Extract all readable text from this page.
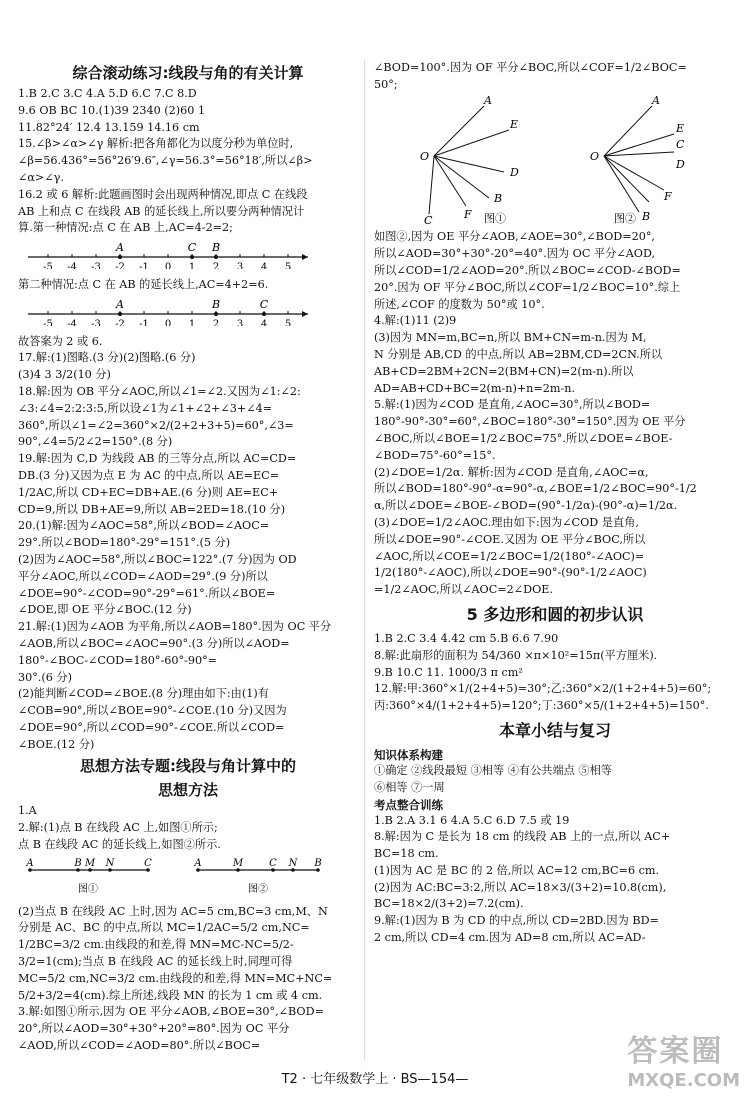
综合滚动练习:线段与角的有关计算
1.B 2.C 3.C 4.A 5.D 6.C 7.C 8.D
9.6 OB BC 10.(1)39 2340 (2)60 1
11.82°24′ 12.4 13.159 14.16 cm
15.∠β>∠α>∠γ 解析:把各角都化为以度分秒为单位时,
∠β=56.436°=56°26′9.6″,∠γ=56.3°=56°18′,所以∠β>
∠α>∠γ.
16.2 或 6 解析:此题画图时会出现两种情况,即点 C 在线段
AB 上和点 C 在线段 AB 的延长线上,所以要分两种情况计
算.第一种情况:点 C 在 AB 上,AC=4-2=2;
-5 -4 -3 -2 -1 0 1 2 3 4 5
A	C B
第二种情况:点 C 在 AB 的延长线上,AC=4+2=6.
-5 -4 -3 -2 -1 0 1 2 3 4 5
A	B	C
故答案为 2 或 6.
17.解:(1)图略.(3 分)(2)图略.(6 分)
(3)4 3 3/2(10 分)
18.解:因为 OB 平分∠AOC,所以∠1=∠2.又因为∠1:∠2:
∠3:∠4=2:2:3:5,所以设∠1为∠1+∠2+∠3+∠4=
360°,所以∠1=∠2=360°×2/(2+2+3+5)=60°,∠3=
90°,∠4=5/2∠2=150°.(8 分)
19.解:因为 C,D 为线段 AB 的三等分点,所以 AC=CD=
DB.(3 分)又因为点 E 为 AC 的中点,所以 AE=EC=
1/2AC,所以 CD+EC=DB+AE.(6 分)则 AE=EC+
CD=9,所以 DB+AE=9,所以 AB=2ED=18.(10 分)
20.(1)解:因为∠AOC=58°,所以∠BOD=∠AOC=
29°.所以∠BOD=180°-29°=151°.(5 分)
(2)因为∠AOC=58°,所以∠BOC=122°.(7 分)因为 OD
平分∠AOC,所以∠COD=∠AOD=29°.(9 分)所以
∠DOE=90°-∠COD=90°-29°=61°.所以∠BOE=
∠DOE,即 OE 平分∠BOC.(12 分)
21.解:(1)因为∠AOB 为平角,所以∠AOB=180°.因为 OC 平分
∠AOB,所以∠BOC=∠AOC=90°.(3 分)所以∠AOD=
180°-∠BOC-∠COD=180°-60°-90°=
30°.(6 分)
(2)能判断∠COD=∠BOE.(8 分)理由如下:由(1)有
∠COB=90°,所以∠BOE=90°-∠COE.(10 分)又因为
∠DOE=90°,所以∠COD=90°-∠COE.所以∠COD=
∠BOE.(12 分)
思想方法专题:线段与角计算中的
思想方法
1.A
2.解:(1)点 B 在线段 AC 上,如图①所示;
点 B 在线段 AC 的延长线上,如图②所示.
A	B M N	C
图①
A	M	C N B
图②
(2)当点 B 在线段 AC 上时,因为 AC=5 cm,BC=3 cm,M、N
分别是 AC、BC 的中点,所以 MC=1/2AC=5/2 cm,NC=
1/2BC=3/2 cm.由线段的和差,得 MN=MC-NC=5/2-
3/2=1(cm);当点 B 在线段 AC 的延长线上时,同理可得
MC=5/2 cm,NC=3/2 cm.由线段的和差,得 MN=MC+NC=
5/2+3/2=4(cm).综上所述,线段 MN 的长为 1 cm 或 4 cm.
3.解:如图①所示,因为 OE 平分∠AOB,∠BOE=30°,∠BOD=
20°,所以∠AOD=30°+30°+20°=80°.因为 OC 平分
∠AOD,所以∠COD=∠AOD=80°.所以∠BOC=
∠BOD=100°.因为 OF 平分∠BOC,所以∠COF=1/2∠BOC=
50°;
A
E
O
D
B
C	F
A
E
O
C
D
F
B
图①	图②
如图②,因为 OE 平分∠AOB,∠AOE=30°,∠BOD=20°,
所以∠AOD=30°+30°-20°=40°.因为 OC 平分∠AOD,
所以∠COD=1/2∠AOD=20°.所以∠BOC=∠COD-∠BOD=
20°.因为 OF 平分∠BOC,所以∠COF=1/2∠BOC=10°.综上
所述,∠COF 的度数为 50°或 10°.
4.解:(1)11 (2)9
(3)因为 MN=m,BC=n,所以 BM+CN=m-n.因为 M,
N 分别是 AB,CD 的中点,所以 AB=2BM,CD=2CN.所以
AB+CD=2BM+2CN=2(BM+CN)=2(m-n).所以
AD=AB+CD+BC=2(m-n)+n=2m-n.
5.解:(1)因为∠COD 是直角,∠AOC=30°,所以∠BOD=
180°-90°-30°=60°,∠BOC=180°-30°=150°.因为 OE 平分
∠BOC,所以∠BOE=1/2∠BOC=75°.所以∠DOE=∠BOE-
∠BOD=75°-60°=15°.
(2)∠DOE=1/2α. 解析:因为∠COD 是直角,∠AOC=α,
所以∠BOD=180°-90°-α=90°-α,∠BOE=1/2∠BOC=90°-1/2
α,所以∠DOE=∠BOE-∠BOD=(90°-1/2α)-(90°-α)=1/2α.
(3)∠DOE=1/2∠AOC.理由如下:因为∠COD 是直角,
所以∠DOE=90°-∠COE.又因为 OE 平分∠BOC,所以
∠AOC,所以∠COE=1/2∠BOC=1/2(180°-∠AOC)=
1/2(180°-∠AOC),所以∠DOE=90°-(90°-1/2∠AOC)
=1/2∠AOC,所以∠AOC=2∠DOE.
5 多边形和圆的初步认识
1.B 2.C 3.4 4.42 cm 5.B 6.6 7.90
8.解:此扇形的面积为 54/360 ×π×10²=15π(平方厘米).
9.B 10.C 11. 1000/3 π cm²
12.解:甲:360°×1/(2+4+5)=30°;乙:360°×2/(1+2+4+5)=60°;
丙:360°×4/(1+2+4+5)=120°;丁:360°×5/(1+2+4+5)=150°.
本章小结与复习
知识体系构建
①确定 ②线段最短 ③相等 ④有公共端点 ⑤相等
⑥相等 ⑦一周
考点整合训练
1.B 2.A 3.1 6 4.A 5.C 6.D 7.5 或 19
8.解:因为 C 是长为 18 cm 的线段 AB 上的一点,所以 AC+
BC=18 cm.
(1)因为 AC 是 BC 的 2 倍,所以 AC=12 cm,BC=6 cm.
(2)因为 AC:BC=3:2,所以 AC=18×3/(3+2)=10.8(cm),
BC=18×2/(3+2)=7.2(cm).
9.解:(1)因为 B 为 CD 的中点,所以 CD=2BD.因为 BD=
2 cm,所以 CD=4 cm.因为 AD=8 cm,所以 AC=AD-
T2 · 七年级数学上 · BS—154—
答案圈
MXQE.COM
